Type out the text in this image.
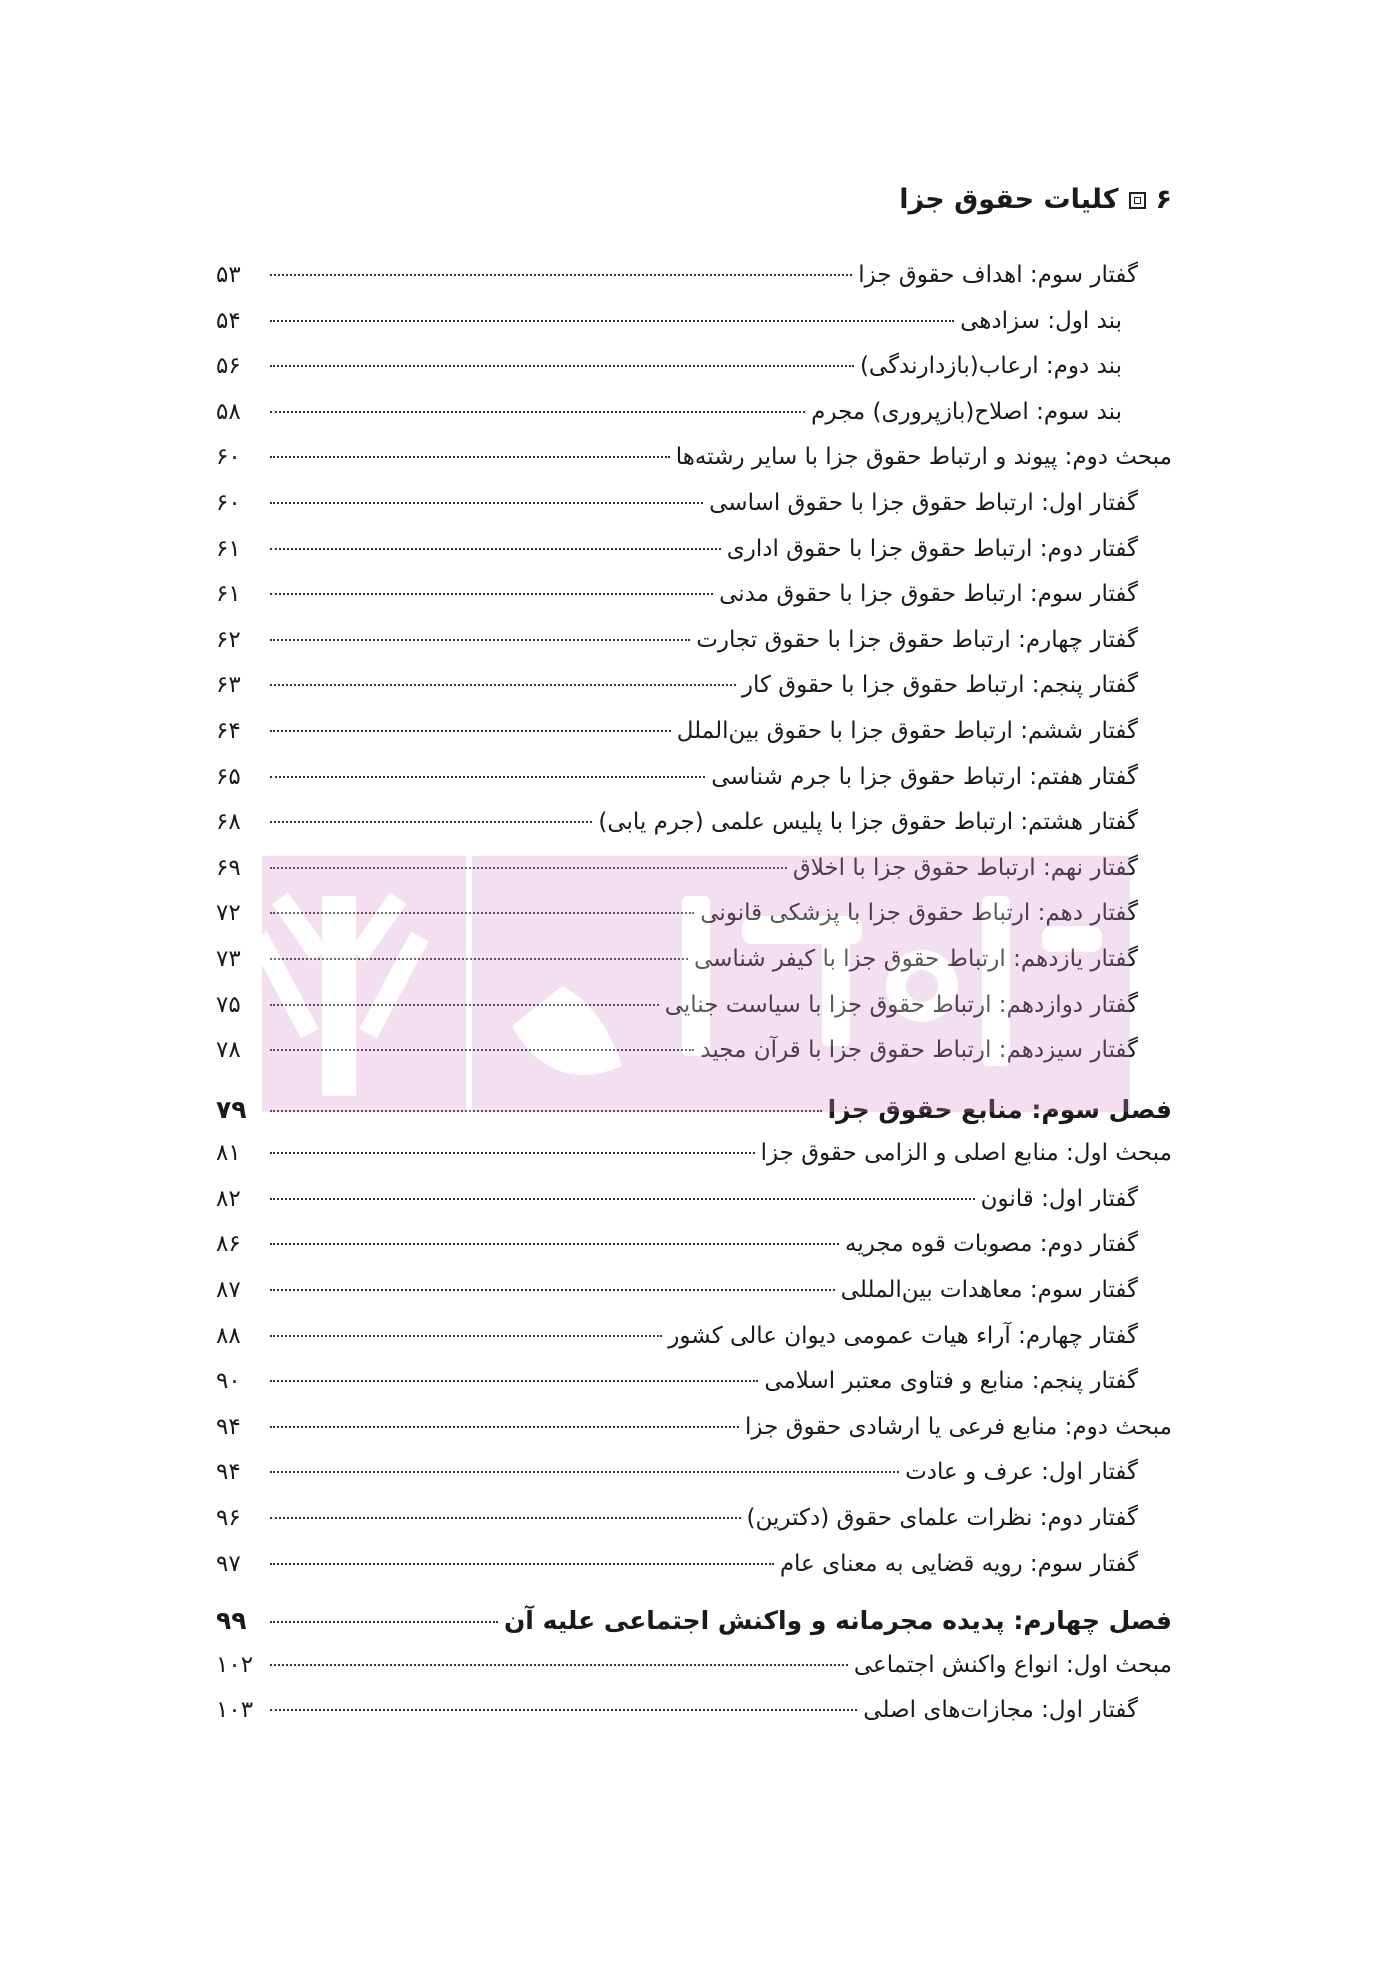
۶
کلیات حقوق جزا
گفتار سوم: اهداف حقوق جزا
۵۳
بند اول: سزادهی
۵۴
بند دوم: ارعاب(بازدارندگی)
۵۶
بند سوم: اصلاح(بازپروری) مجرم
۵۸
مبحث دوم: پیوند و ارتباط حقوق جزا با سایر رشته‌ها
۶۰
گفتار اول: ارتباط حقوق جزا با حقوق اساسی
۶۰
گفتار دوم: ارتباط حقوق جزا با حقوق اداری
۶۱
گفتار سوم: ارتباط حقوق جزا با حقوق مدنی
۶۱
گفتار چهارم: ارتباط حقوق جزا با حقوق تجارت
۶۲
گفتار پنجم: ارتباط حقوق جزا با حقوق کار
۶۳
گفتار ششم: ارتباط حقوق جزا با حقوق بین‌الملل
۶۴
گفتار هفتم: ارتباط حقوق جزا با جرم شناسی
۶۵
گفتار هشتم: ارتباط حقوق جزا با پلیس علمی (جرم یابی)
۶۸
گفتار نهم: ارتباط حقوق جزا با اخلاق
۶۹
گفتار دهم: ارتباط حقوق جزا با پزشکی قانونی
۷۲
گفتار یازدهم: ارتباط حقوق جزا با کیفر شناسی
۷۳
گفتار دوازدهم: ارتباط حقوق جزا با سیاست جنایی
۷۵
گفتار سیزدهم: ارتباط حقوق جزا با قرآن مجید
۷۸
فصل سوم: منابع حقوق جزا
۷۹
مبحث اول: منابع اصلی و الزامی حقوق جزا
۸۱
گفتار اول: قانون
۸۲
گفتار دوم: مصوبات قوه مجریه
۸۶
گفتار سوم: معاهدات بین‌المللی
۸۷
گفتار چهارم: آراء هیات عمومی دیوان عالی کشور
۸۸
گفتار پنجم: منابع و فتاوی معتبر اسلامی
۹۰
مبحث دوم: منابع فرعی یا ارشادی حقوق جزا
۹۴
گفتار اول: عرف و عادت
۹۴
گفتار دوم: نظرات علمای حقوق (دکترین)
۹۶
گفتار سوم: رویه قضایی به معنای عام
۹۷
فصل چهارم: پدیده مجرمانه و واکنش اجتماعی علیه آن
۹۹
مبحث اول: انواع واکنش اجتماعی
۱۰۲
گفتار اول: مجازات‌های اصلی
۱۰۳
